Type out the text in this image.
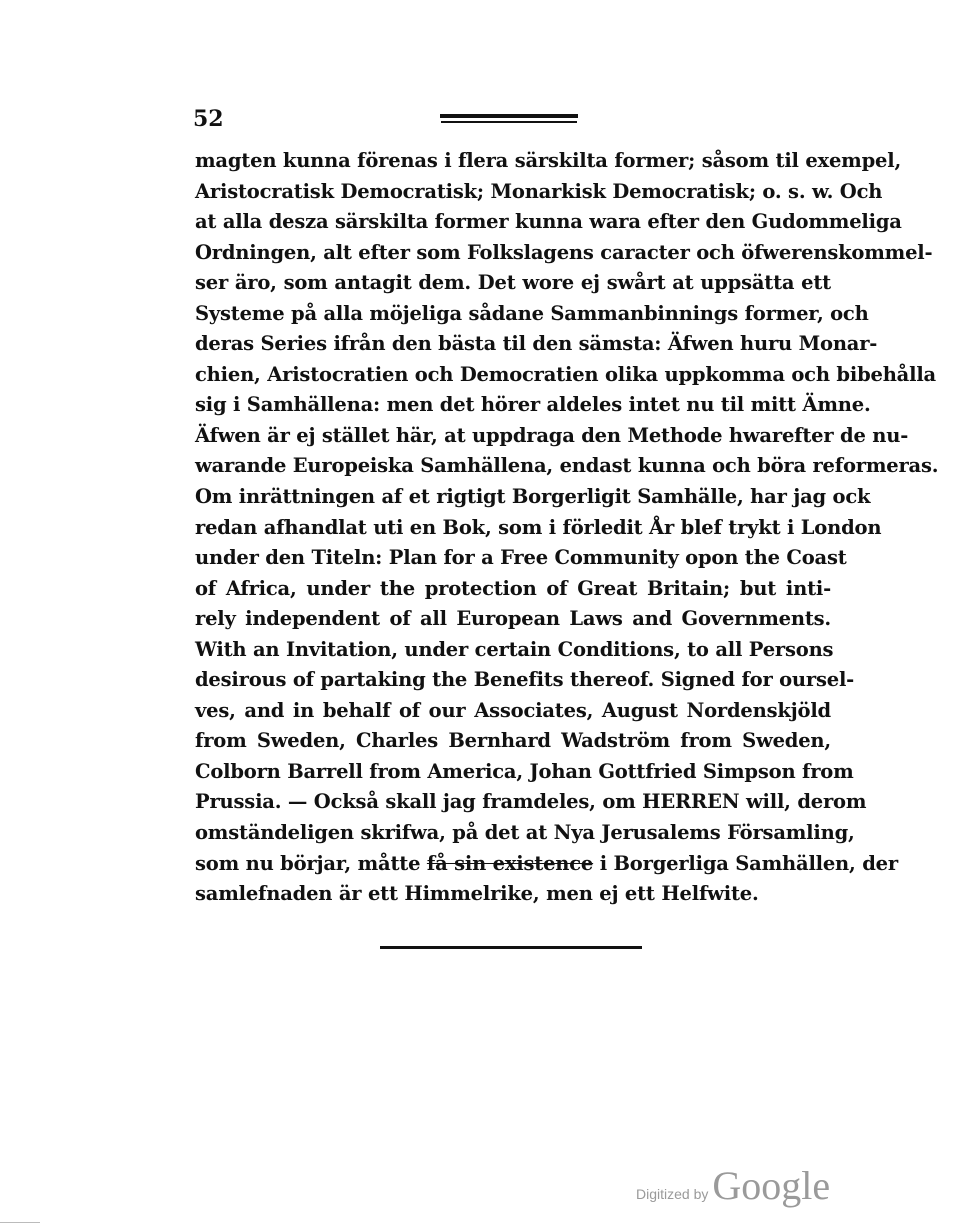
52
magten kunna förenas i flera särskilta former; såsom til exempel,
Aristocratisk Democratisk; Monarkisk Democratisk; o. s. w. Och
at alla desza särskilta former kunna wara efter den Gudommeliga
Ordningen, alt efter som Folkslagens caracter och öfwerenskommel-
ser äro, som antagit dem. Det wore ej swårt at uppsätta ett
Systeme på alla möjeliga sådane Sammanbinnings former, och
deras Series ifrån den bästa til den sämsta: Äfwen huru Monar-
chien, Aristocratien och Democratien olika uppkomma och bibehålla
sig i Samhällena: men det hörer aldeles intet nu til mitt Ämne.
Äfwen är ej stället här, at uppdraga den Methode hwarefter de nu-
warande Europeiska Samhällena, endast kunna och böra reformeras.
Om inrättningen af et rigtigt Borgerligit Samhälle, har jag ock
redan afhandlat uti en Bok, som i förledit År blef trykt i London
under den Titeln: Plan for a Free Community opon the Coast
of Africa, under the protection of Great Britain; but inti-
rely independent of all European Laws and Governments.
With an Invitation, under certain Conditions, to all Persons
desirous of partaking the Benefits thereof. Signed for oursel-
ves, and in behalf of our Associates, August Nordenskjöld
from Sweden, Charles Bernhard Wadström from Sweden,
Colborn Barrell from America, Johan Gottfried Simpson from
Prussia. — Också skall jag framdeles, om HERREN will, derom
omständeligen skrifwa, på det at Nya Jerusalems Församling,
som nu börjar, måtte få sin existence i Borgerliga Samhällen, der
samlefnaden är ett Himmelrike, men ej ett Helfwite.
Digitized by Google
